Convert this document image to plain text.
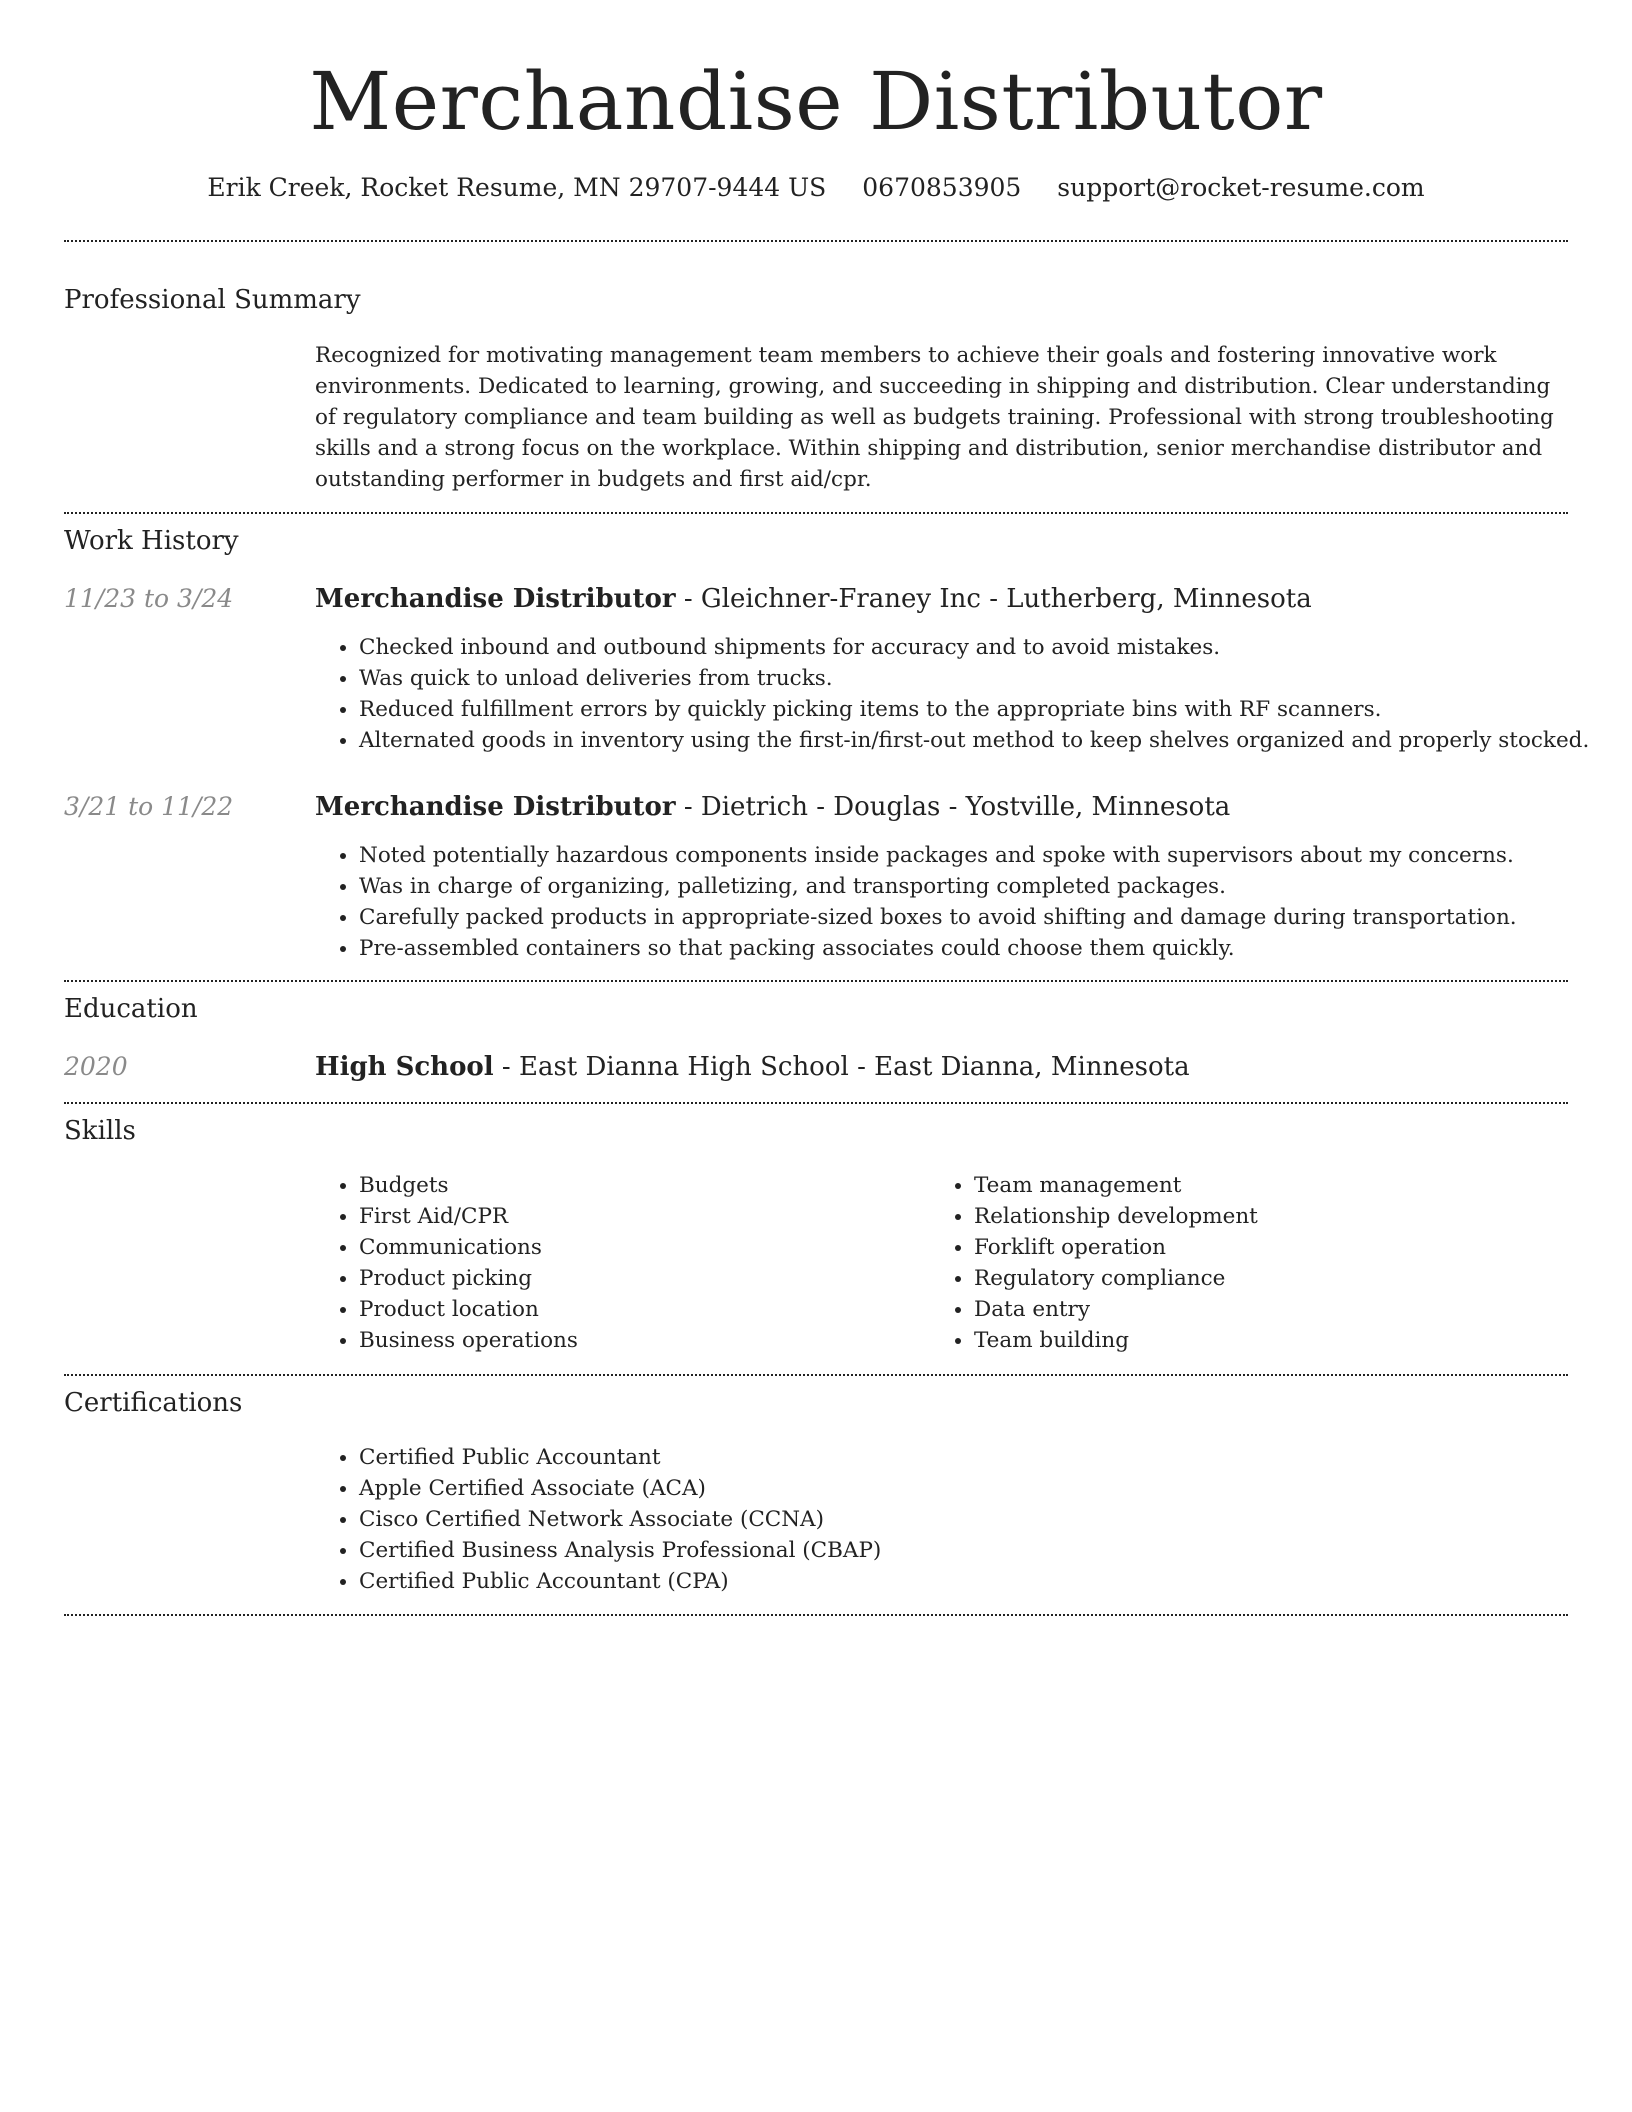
Merchandise Distributor
Erik Creek, Rocket Resume, MN 29707-9444 US 0670853905 support@rocket-resume.com
Professional Summary

Recognized for motivating management team members to achieve their goals and fostering innovative work environments. Dedicated to learning, growing, and succeeding in shipping and distribution. Clear understanding of regulatory compliance and team building as well as budgets training. Professional with strong troubleshooting skills and a strong focus on the workplace. Within shipping and distribution, senior merchandise distributor and outstanding performer in budgets and first aid/cpr.

Work History
11/23 to 3/24	Merchandise Distributor - Gleichner-Franey Inc - Lutherberg, Minnesota
• Checked inbound and outbound shipments for accuracy and to avoid mistakes.
• Was quick to unload deliveries from trucks.
• Reduced fulfillment errors by quickly picking items to the appropriate bins with RF scanners.
• Alternated goods in inventory using the first-in/first-out method to keep shelves organized and properly stocked.
3/21 to 11/22	Merchandise Distributor - Dietrich - Douglas - Yostville, Minnesota
• Noted potentially hazardous components inside packages and spoke with supervisors about my concerns.
• Was in charge of organizing, palletizing, and transporting completed packages.
• Carefully packed products in appropriate-sized boxes to avoid shifting and damage during transportation.
• Pre-assembled containers so that packing associates could choose them quickly.
Education
2020	High School - East Dianna High School - East Dianna, Minnesota
Skills
• Budgets
• First Aid/CPR
• Communications
• Product picking
• Product location
• Business operations
• Team management
• Relationship development
• Forklift operation
• Regulatory compliance
• Data entry
• Team building
Certifications
• Certified Public Accountant
• Apple Certified Associate (ACA)
• Cisco Certified Network Associate (CCNA)
• Certified Business Analysis Professional (CBAP)
• Certified Public Accountant (CPA)
